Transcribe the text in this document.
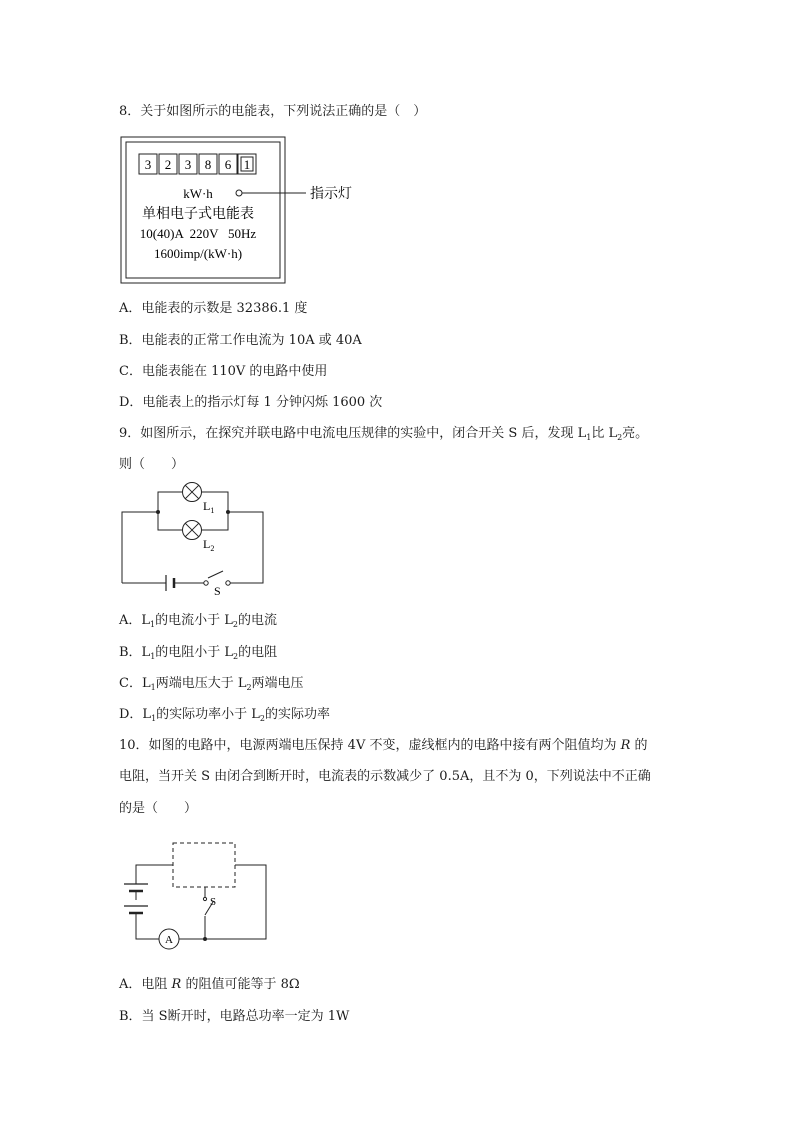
8．关于如图所示的电能表，下列说法正确的是（　）
3 2 3 8 6 1
kW·h	指示灯
单相电子式电能表
10(40)A  220V   50Hz
1600imp/(kW·h)
A．电能表的示数是 32386.1 度
B．电能表的正常工作电流为 10A 或 40A
C．电能表能在 110V 的电路中使用
D．电能表上的指示灯每 1 分钟闪烁 1600 次
9．如图所示，在探究并联电路中电流电压规律的实验中，闭合开关 S 后，发现 $L_1$比 $L_2$亮。
则（　　）
$L_1$
$L_2$
S
A．$L_1$的电流小于 $L_2$的电流
B．$L_1$的电阻小于 $L_2$的电阻
C．$L_1$两端电压大于 $L_2$两端电压
D．$L_1$的实际功率小于 $L_2$的实际功率
10．如图的电路中，电源两端电压保持 4V 不变，虚线框内的电路中接有两个阻值均为 R 的
电阻，当开关 S 由闭合到断开时，电流表的示数减少了 0.5A，且不为 0，下列说法中不正确
的是（　　）
S
A
A．电阻 R 的阻值可能等于 8Ω
B．当 S断开时，电路总功率一定为 1W
